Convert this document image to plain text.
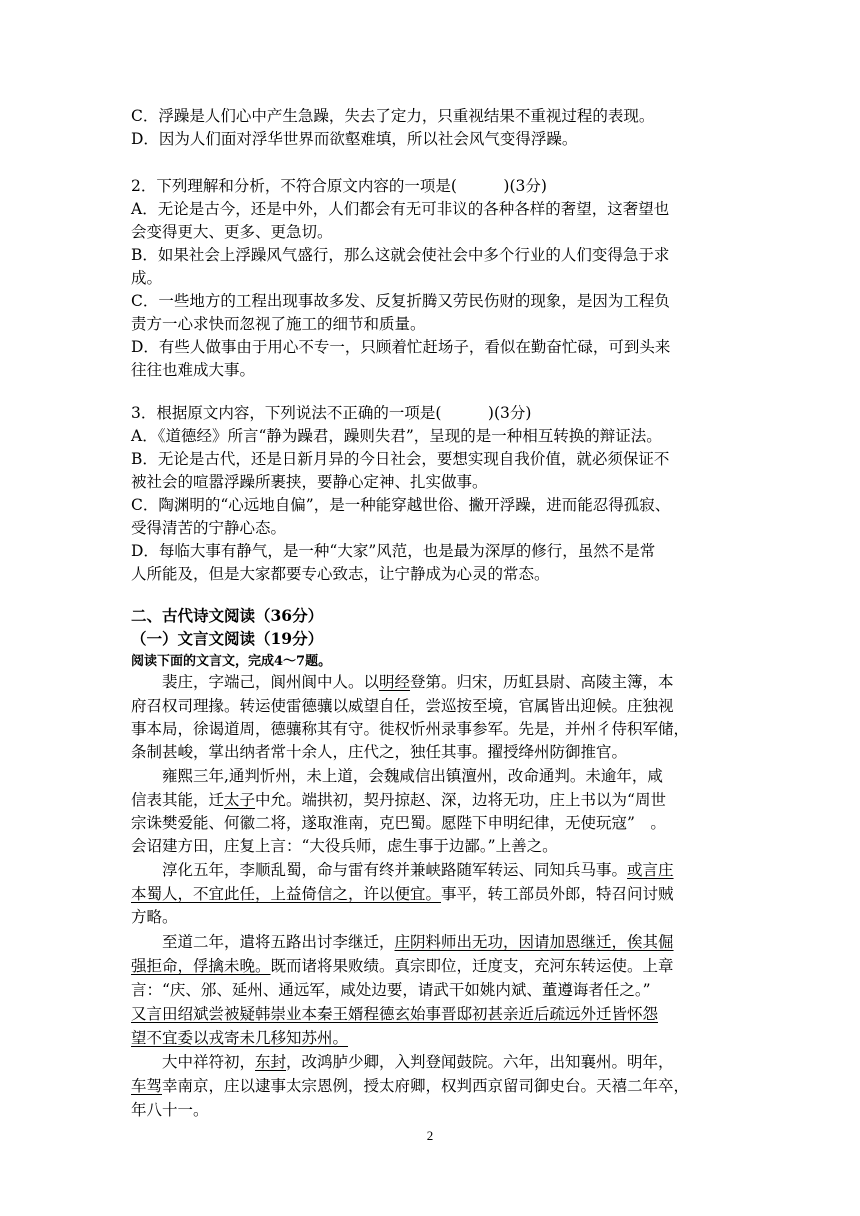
C．浮躁是人们心中产生急躁，失去了定力，只重视结果不重视过程的表现。
D．因为人们面对浮华世界而欲壑难填，所以社会风气变得浮躁。
2．下列理解和分析，不符合原文内容的一项是(　　　)(3分)
A．无论是古今，还是中外，人们都会有无可非议的各种各样的奢望，这奢望也
会变得更大、更多、更急切。
B．如果社会上浮躁风气盛行，那么这就会使社会中多个行业的人们变得急于求
成。
C．一些地方的工程出现事故多发、反复折腾又劳民伤财的现象，是因为工程负
责方一心求快而忽视了施工的细节和质量。
D．有些人做事由于用心不专一，只顾着忙赶场子，看似在勤奋忙碌，可到头来
往往也难成大事。
3．根据原文内容，下列说法不正确的一项是(　　　)(3分)
A．《道德经》所言“静为躁君，躁则失君”，呈现的是一种相互转换的辩证法。
B．无论是古代，还是日新月异的今日社会，要想实现自我价值，就必须保证不
被社会的喧嚣浮躁所裹挟，要静心定神、扎实做事。
C．陶渊明的“心远地自偏”，是一种能穿越世俗、撇开浮躁，进而能忍得孤寂、
受得清苦的宁静心态。
D．每临大事有静气，是一种“大家”风范，也是最为深厚的修行，虽然不是常
人所能及，但是大家都要专心致志，让宁静成为心灵的常态。
二、古代诗文阅读（36分）
（一）文言文阅读（19分）
阅读下面的文言文，完成4～7题。
裴庄，字端己，阆州阆中人。以明经登第。归宋，历虹县尉、高陵主簿，本
府召权司理掾。转运使雷德骧以威望自任，尝巡按至境，官属皆出迎候。庄独视
事本局，徐谒道周，德骧称其有守。徙权忻州录事参军。先是，并州彳侍积军储，
条制甚峻，掌出纳者常十余人，庄代之，独任其事。擢授绛州防御推官。
雍熙三年,通判忻州，未上道，会魏咸信出镇澶州，改命通判。未逾年，咸
信表其能，迁太子中允。端拱初，契丹掠赵、深，边将无功，庄上书以为“周世
宗诛樊爱能、何徽二将，遂取淮南，克巴蜀。愿陛下申明纪律，无使玩寇”　。
会诏建方田，庄复上言：“大役兵师，虑生事于边鄙。”上善之。
淳化五年，李顺乱蜀，命与雷有终并兼峡路随军转运、同知兵马事。或言庄
本蜀人，不宜此任，上益倚信之，许以便宜。事平，转工部员外郎，特召问讨贼
方略。
至道二年，遣将五路出讨李继迁，庄阴料师出无功，因请加恩继迁，俟其倔
强拒命，俘擒未晚。既而诸将果败绩。真宗即位，迁度支，充河东转运使。上章
言：“庆、邠、延州、通远军，咸处边要，请武干如姚内斌、董遵诲者任之。”
又言田绍斌尝被疑韩崇业本秦王婿程德玄始事晋邸初甚亲近后疏远外迁皆怀怨
望不宜委以戎寄未几移知苏州。
大中祥符初，东封，改鸿胪少卿，入判登闻鼓院。六年，出知襄州。明年，
车驾幸南京，庄以逮事太宗恩例，授太府卿，权判西京留司御史台。天禧二年卒，
年八十一。
2
